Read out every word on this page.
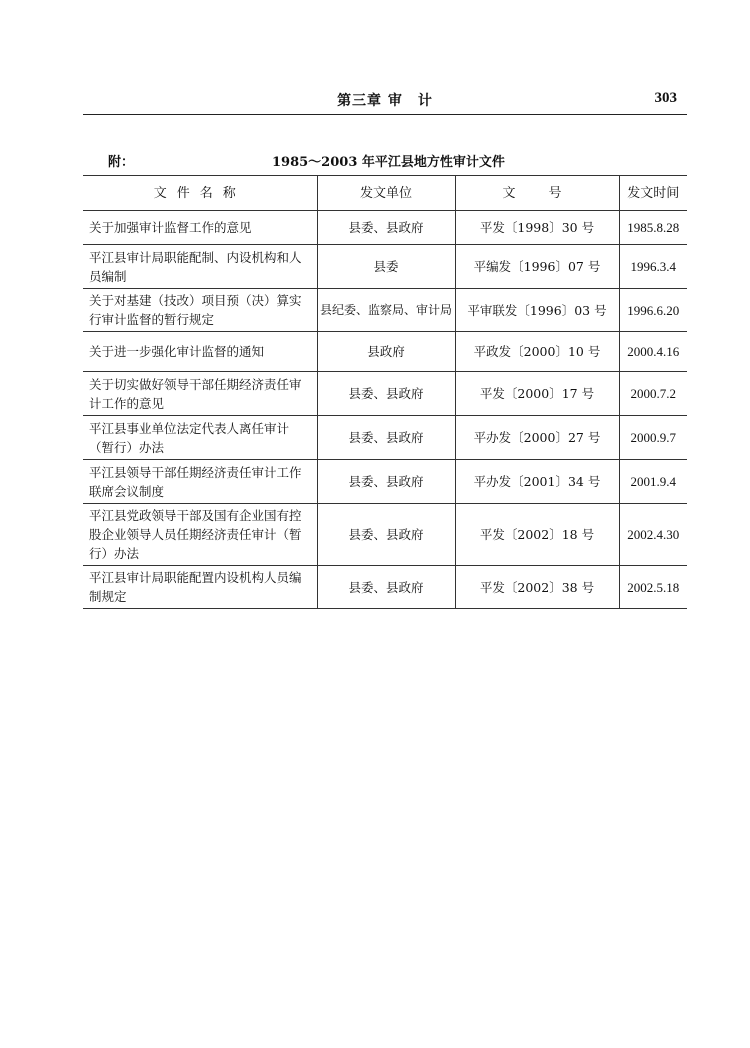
第三章 审　计	303
附：	1985～2003 年平江县地方性审计文件
文件名称	发文单位	文　号	发文时间
关于加强审计监督工作的意见	县委、县政府	平发〔1998〕30 号	1985.8.28
平江县审计局职能配制、内设机构和人员编制	县委	平编发〔1996〕07 号	1996.3.4
关于对基建（技改）项目预（决）算实行审计监督的暂行规定	县纪委、监察局、审计局	平审联发〔1996〕03 号	1996.6.20
关于进一步强化审计监督的通知	县政府	平政发〔2000〕10 号	2000.4.16
关于切实做好领导干部任期经济责任审计工作的意见	县委、县政府	平发〔2000〕17 号	2000.7.2
平江县事业单位法定代表人离任审计（暂行）办法	县委、县政府	平办发〔2000〕27 号	2000.9.7
平江县领导干部任期经济责任审计工作联席会议制度	县委、县政府	平办发〔2001〕34 号	2001.9.4
平江县党政领导干部及国有企业国有控股企业领导人员任期经济责任审计（暂行）办法	县委、县政府	平发〔2002〕18 号	2002.4.30
平江县审计局职能配置内设机构人员编制规定	县委、县政府	平发〔2002〕38 号	2002.5.18
